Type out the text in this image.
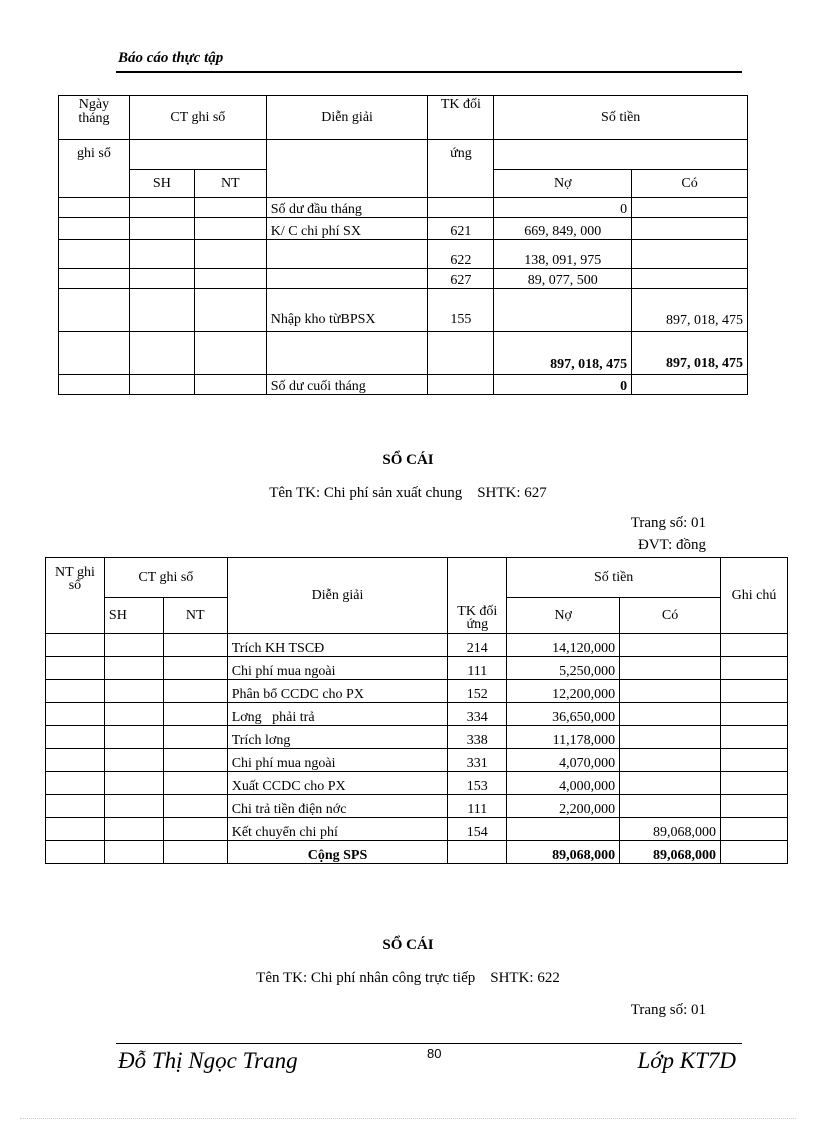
Báo cáo thực tập
Ngày tháng	CT ghi sổ		Diễn giải	TK đối	Số tiền	
ghi sổ				ứng		
	SH	NT			Nợ	Có
			Số dư đầu tháng		0	
			K/ C chi phí SX	621	669, 849, 000	
				622	138, 091, 975	
				627	89, 077, 500	
			Nhập kho từBPSX	155		897, 018, 475
					897, 018, 475	897, 018, 475
			Số dư cuối tháng		0	
SỔ CÁI
Tên TK: Chi phí sản xuất chung    SHTK: 627
Trang số: 01
ĐVT: đồng
NT ghi sổ	CT ghi sổ		Diễn giải	TK đối ứng	Số tiền		Ghi chú
	SH	NT			Nợ	Có	
			Trích KH TSCĐ	214	14,120,000		
			Chi phí mua ngoài	111	5,250,000		
			Phân bổ CCDC cho PX	152	12,200,000		
			Lơng   phải trả	334	36,650,000		
			Trích lơng	338	11,178,000		
			Chi phí mua ngoài	331	4,070,000		
			Xuất CCDC cho PX	153	4,000,000		
			Chi trả tiền điện nớc	111	2,200,000		
			Kết chuyển chi phí	154		89,068,000	
			Cộng SPS		89,068,000	89,068,000	
SỔ CÁI
Tên TK: Chi phí nhân công trực tiếp    SHTK: 622
Trang số: 01
Đỗ Thị Ngọc Trang	80	Lớp KT7D
